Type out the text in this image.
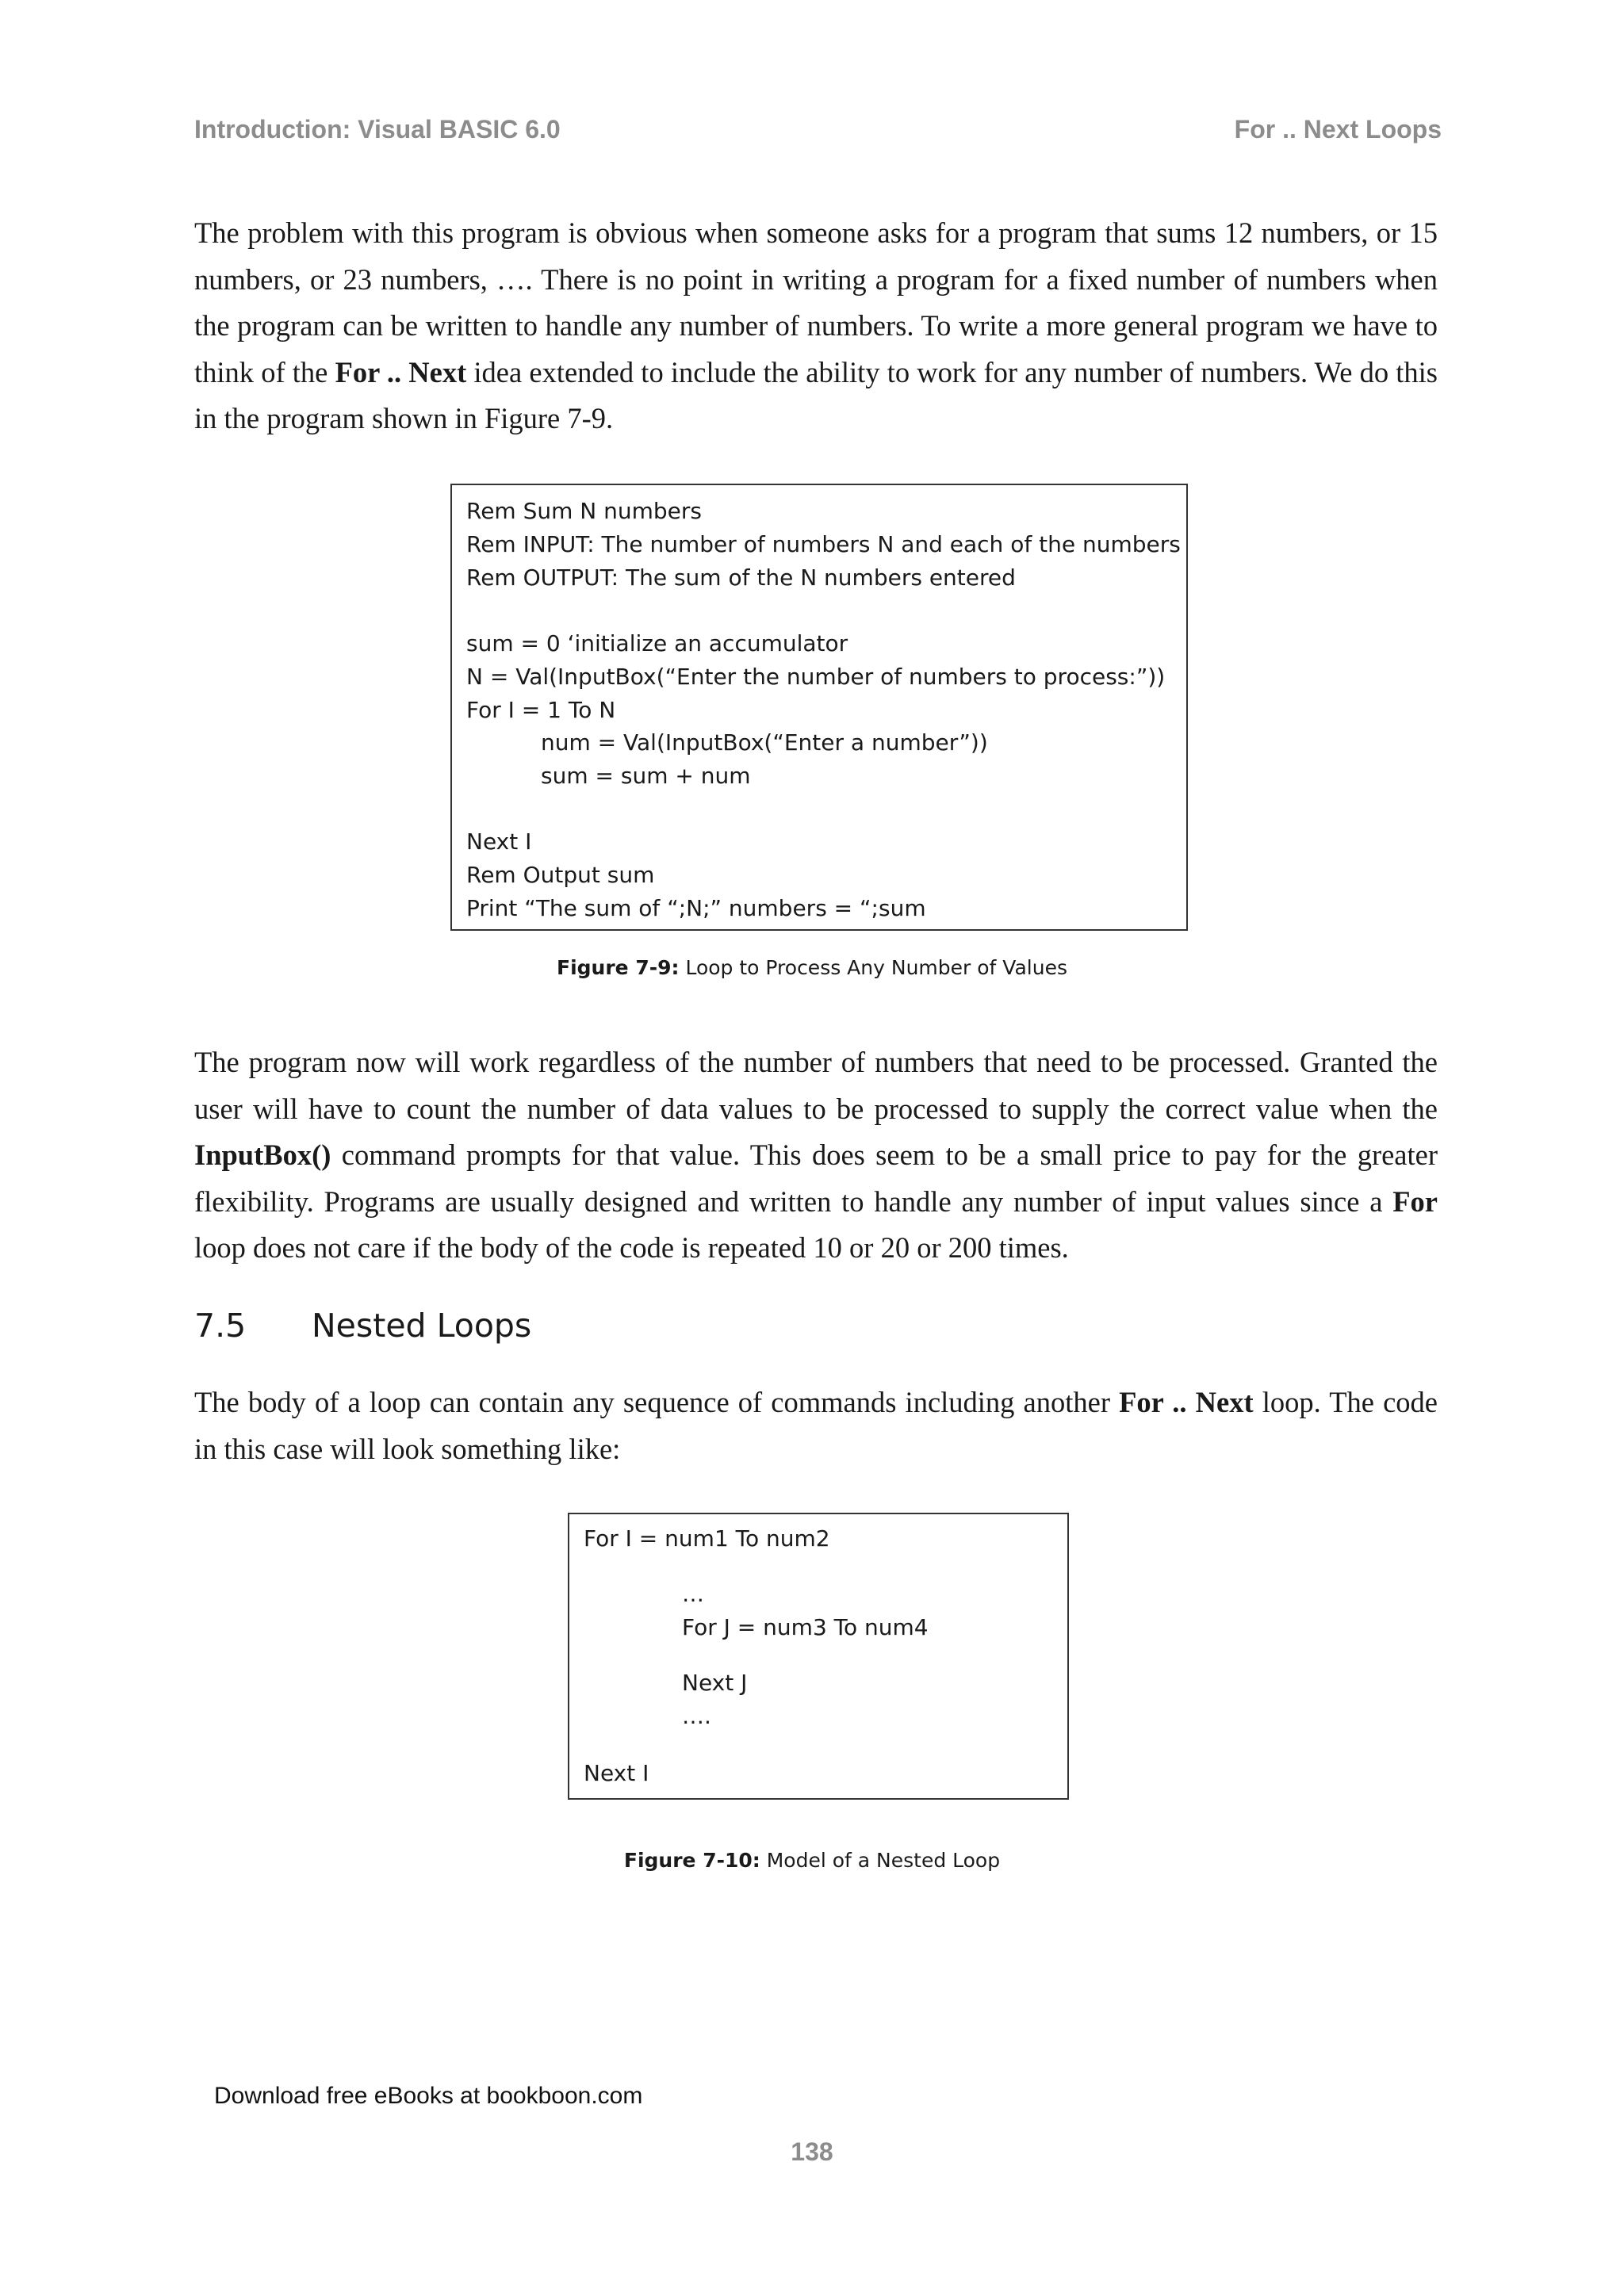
Introduction: Visual BASIC 6.0	For .. Next Loops

The problem with this program is obvious when someone asks for a program that sums 12 numbers, or 15 numbers, or 23 numbers, …. There is no point in writing a program for a fixed number of numbers when the program can be written to handle any number of numbers. To write a more general program we have to think of the For .. Next idea extended to include the ability to work for any number of numbers. We do this in the program shown in Figure 7-9.

Rem Sum N numbers
Rem INPUT: The number of numbers N and each of the numbers
Rem OUTPUT: The sum of the N numbers entered
sum = 0 ‘initialize an accumulator
N = Val(InputBox(“Enter the number of numbers to process:”))
For I = 1 To N
num = Val(InputBox(“Enter a number”))
sum = sum + num
Next I
Rem Output sum
Print “The sum of “;N;” numbers = “;sum
Figure 7-9: Loop to Process Any Number of Values

The program now will work regardless of the number of numbers that need to be processed. Granted the user will have to count the number of data values to be processed to supply the correct value when the InputBox() command prompts for that value. This does seem to be a small price to pay for the greater flexibility. Programs are usually designed and written to handle any number of input values since a For loop does not care if the body of the code is repeated 10 or 20 or 200 times.

7.5 Nested Loops

The body of a loop can contain any sequence of commands including another For .. Next loop. The code in this case will look something like:

For I = num1 To num2
…
For J = num3 To num4
Next J
….
Next I
Figure 7-10: Model of a Nested Loop
Download free eBooks at bookboon.com
138
